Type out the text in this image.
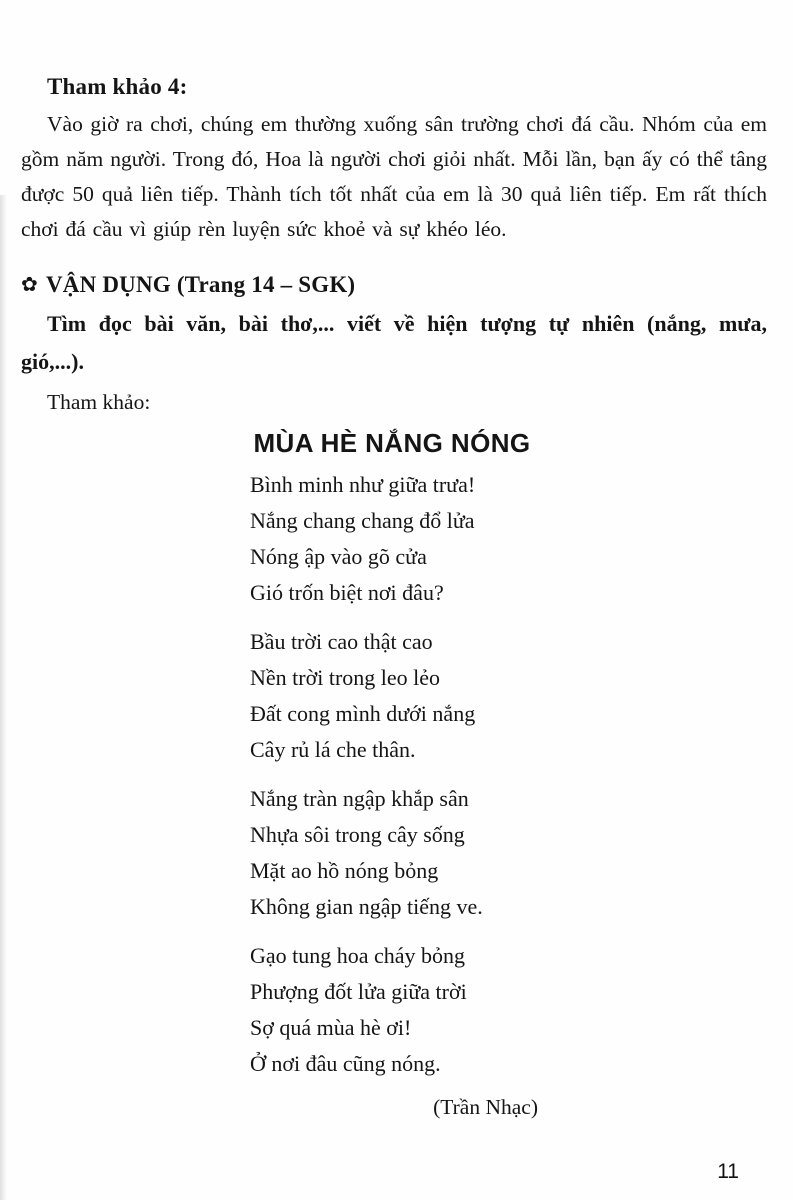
Tham khảo 4:

Vào giờ ra chơi, chúng em thường xuống sân trường chơi đá cầu. Nhóm của em gồm năm người. Trong đó, Hoa là người chơi giỏi nhất. Mỗi lần, bạn ấy có thể tâng được 50 quả liên tiếp. Thành tích tốt nhất của em là 30 quả liên tiếp. Em rất thích chơi đá cầu vì giúp rèn luyện sức khoẻ và sự khéo léo.

✿ VẬN DỤNG (Trang 14 – SGK)

Tìm đọc bài văn, bài thơ,... viết về hiện tượng tự nhiên (nắng, mưa, gió,...).

Tham khảo:
MÙA HÈ NẮNG NÓNG
Bình minh như giữa trưa!
Nắng chang chang đổ lửa
Nóng ập vào gõ cửa
Gió trốn biệt nơi đâu?
Bầu trời cao thật cao
Nền trời trong leo lẻo
Đất cong mình dưới nắng
Cây rủ lá che thân.
Nắng tràn ngập khắp sân
Nhựa sôi trong cây sống
Mặt ao hồ nóng bỏng
Không gian ngập tiếng ve.
Gạo tung hoa cháy bỏng
Phượng đốt lửa giữa trời
Sợ quá mùa hè ơi!
Ở nơi đâu cũng nóng.
(Trần Nhạc)
11
